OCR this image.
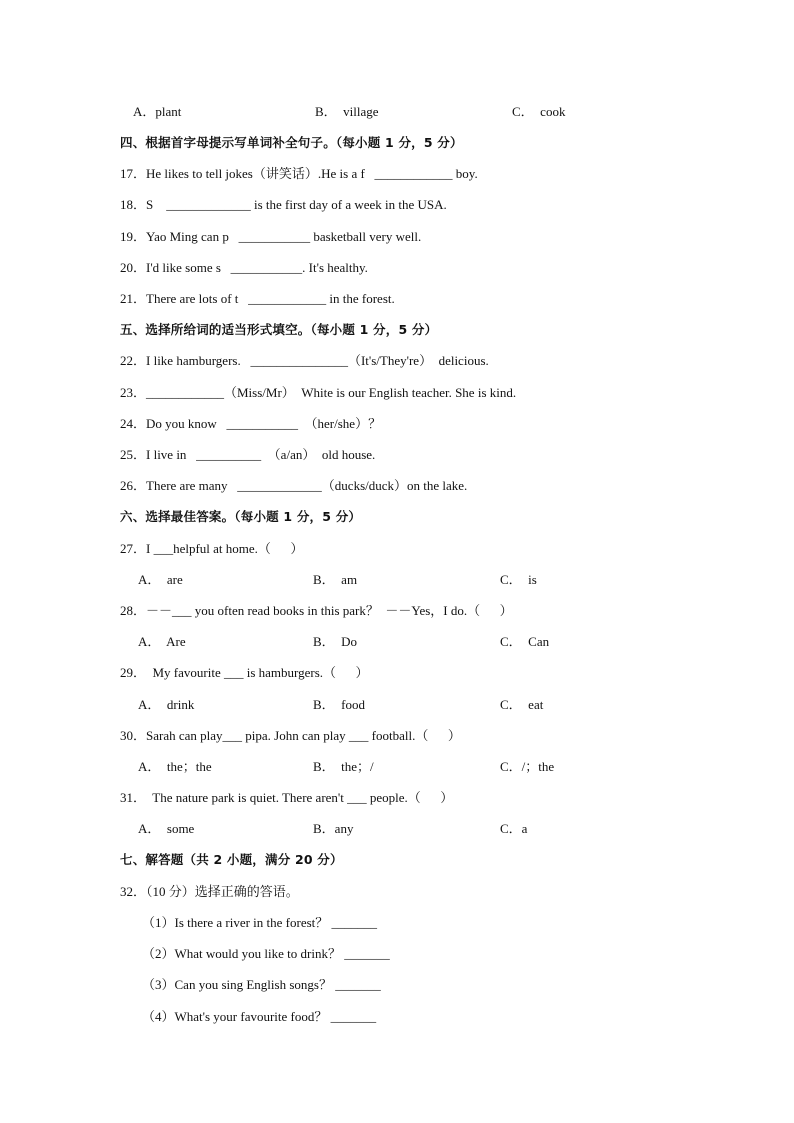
A．plant	B．  village	C．  cook
四、根据首字母提示写单词补全句子。（每小题 1 分，5 分）
17．He likes to tell jokes（讲笑话）.He is a f   ____________ boy.
18．S    _____________ is the first day of a week in the USA.
19．Yao Ming can p   ___________ basketball very well.
20．I'd like some s   ___________. It's healthy.
21．There are lots of t   ____________ in the forest.
五、选择所给词的适当形式填空。（每小题 1 分，5 分）
22．I like hamburgers.   _______________（It's/They're）  delicious.
23．____________（Miss/Mr）  White is our English teacher. She is kind.
24．Do you know   ___________  （her/she）？
25．I live in   __________  （a/an）  old house.
26．There are many   _____________（ducks/duck）on the lake.
六、选择最佳答案。（每小题 1 分，5 分）
27．I ___helpful at home.（      ）
A．  are	B．  am	C．  is
28．－－___ you often read books in this park？  －－Yes，I do.（      ）
A．  Are	B．  Do	C．  Can
29．  My favourite ___ is hamburgers.（      ）
A．  drink	B．  food	C．  eat
30．Sarah can play___ pipa. John can play ___ football.（      ）
A．  the；the	B．  the；/	C．/；the
31．  The nature park is quiet. There aren't ___ people.（      ）
A．  some	B．any	C．a
七、解答题（共 2 小题，满分 20 分）
32．（10 分）选择正确的答语。
（1）Is there a river in the forest？ _______
（2）What would you like to drink？ _______
（3）Can you sing English songs？ _______
（4）What's your favourite food？ _______
